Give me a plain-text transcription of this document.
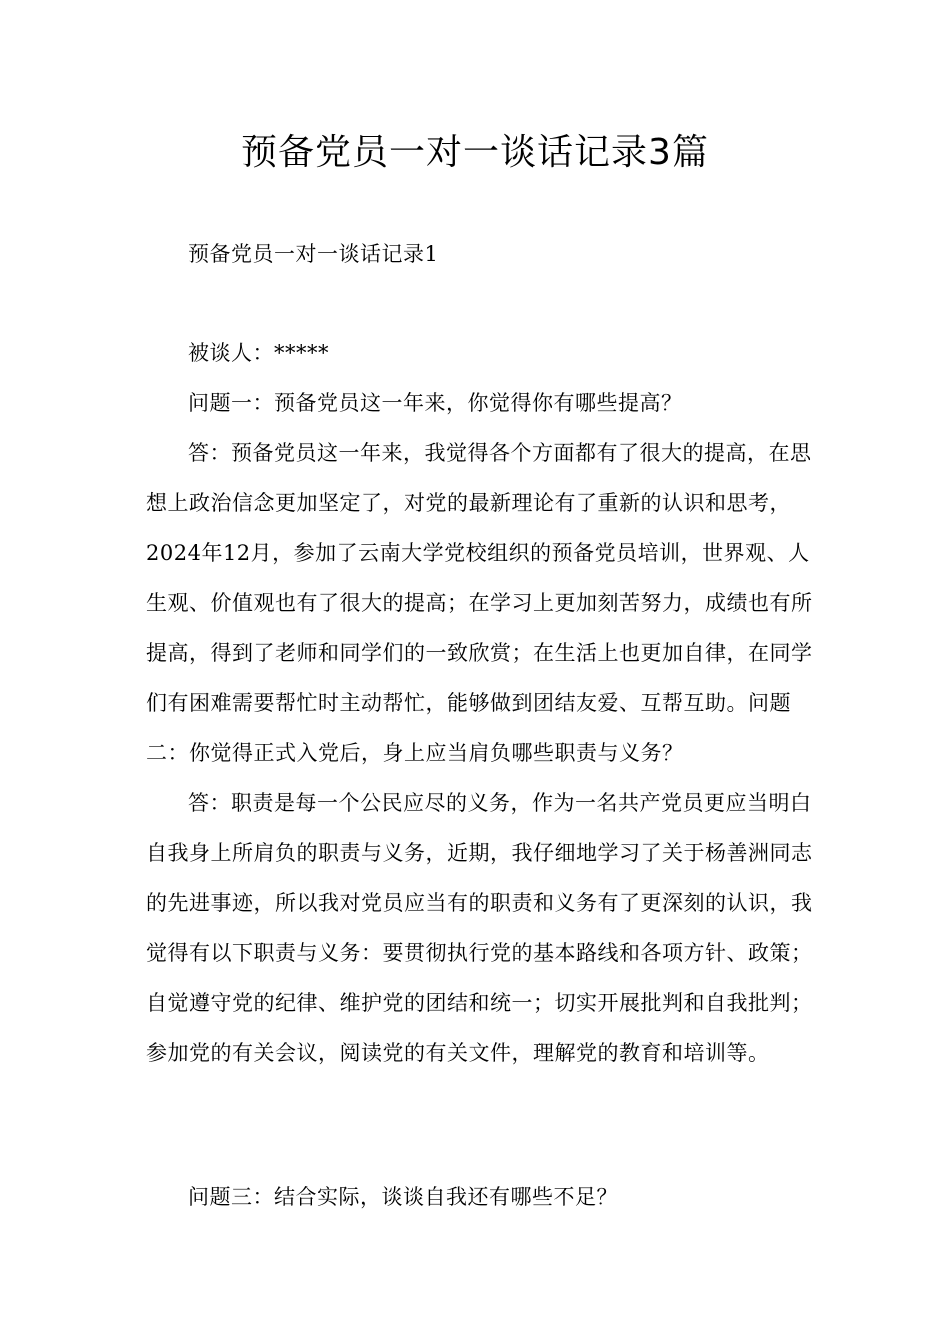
预备党员一对一谈话记录3篇

预备党员一对一谈话记录1

被谈人：*****

问题一：预备党员这一年来，你觉得你有哪些提高？

答：预备党员这一年来，我觉得各个方面都有了很大的提高，在思想上政治信念更加坚定了，对党的最新理论有了重新的认识和思考，2024年12月，参加了云南大学党校组织的预备党员培训，世界观、人生观、价值观也有了很大的提高；在学习上更加刻苦努力，成绩也有所提高，得到了老师和同学们的一致欣赏；在生活上也更加自律，在同学们有困难需要帮忙时主动帮忙，能够做到团结友爱、互帮互助。问题二：你觉得正式入党后，身上应当肩负哪些职责与义务？

答：职责是每一个公民应尽的义务，作为一名共产党员更应当明白自我身上所肩负的职责与义务，近期，我仔细地学习了关于杨善洲同志的先进事迹，所以我对党员应当有的职责和义务有了更深刻的认识，我觉得有以下职责与义务：要贯彻执行党的基本路线和各项方针、政策；自觉遵守党的纪律、维护党的团结和统一；切实开展批判和自我批判；参加党的有关会议，阅读党的有关文件，理解党的教育和培训等。

问题三：结合实际，谈谈自我还有哪些不足？
